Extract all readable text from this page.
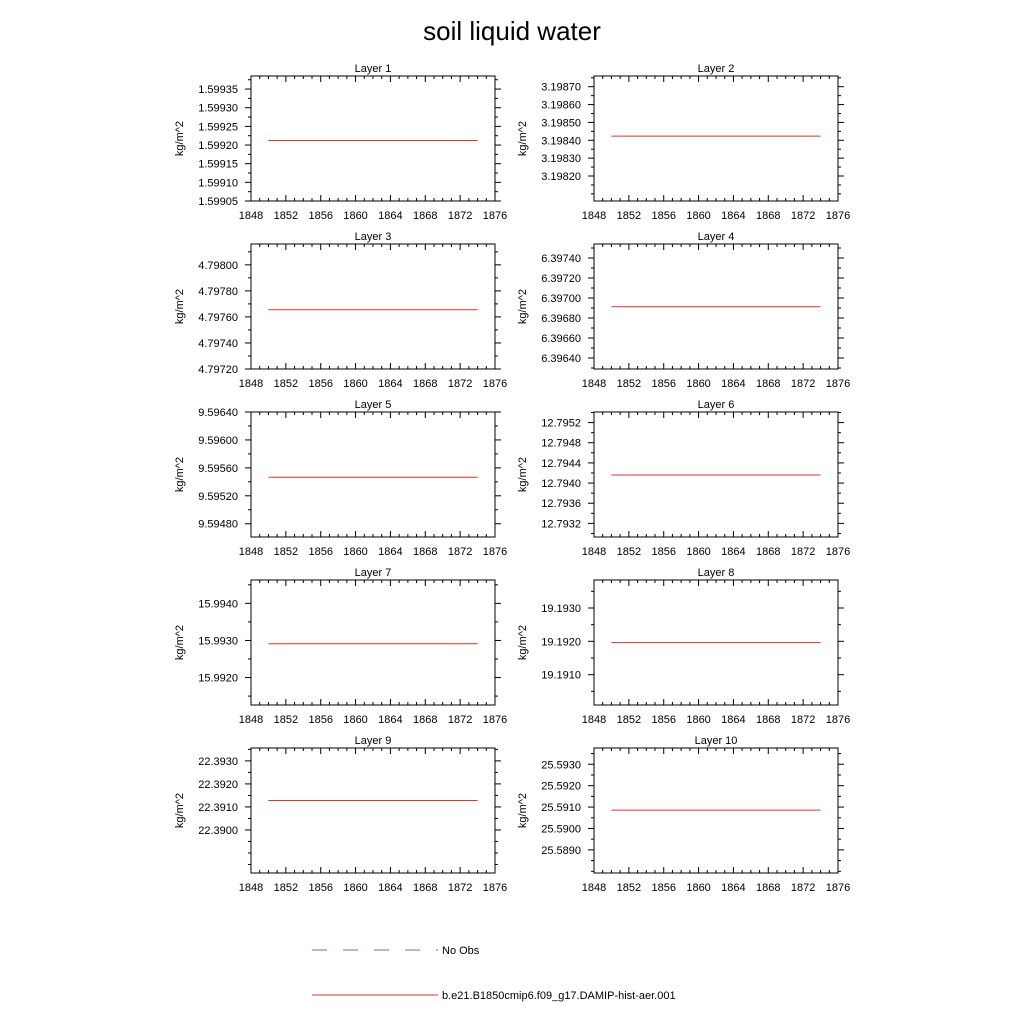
soil liquid water
Layer 1
1848 1852 1856 1860 1864 1868 1872 1876
1.59905
1.59910
1.59915
1.59920
1.59925
1.59930
1.59935
kg/m^2
Layer 2
1848 1852 1856 1860 1864 1868 1872 1876
3.19820
3.19830
3.19840
3.19850
3.19860
3.19870
kg/m^2
Layer 3
1848 1852 1856 1860 1864 1868 1872 1876
4.79720
4.79740
4.79760
4.79780
4.79800
kg/m^2
Layer 4
1848 1852 1856 1860 1864 1868 1872 1876
6.39640
6.39660
6.39680
6.39700
6.39720
6.39740
kg/m^2
Layer 5
1848 1852 1856 1860 1864 1868 1872 1876
9.59480
9.59520
9.59560
9.59600
9.59640
kg/m^2
Layer 6
1848 1852 1856 1860 1864 1868 1872 1876
12.7932
12.7936
12.7940
12.7944
12.7948
12.7952
kg/m^2
Layer 7
1848 1852 1856 1860 1864 1868 1872 1876
15.9920
15.9930
15.9940
kg/m^2
Layer 8
1848 1852 1856 1860 1864 1868 1872 1876
19.1910
19.1920
19.1930
kg/m^2
Layer 9
1848 1852 1856 1860 1864 1868 1872 1876
22.3900
22.3910
22.3920
22.3930
kg/m^2
Layer 10
1848 1852 1856 1860 1864 1868 1872 1876
25.5890
25.5900
25.5910
25.5920
25.5930
kg/m^2
No Obs
b.e21.B1850cmip6.f09_g17.DAMIP-hist-aer.001
